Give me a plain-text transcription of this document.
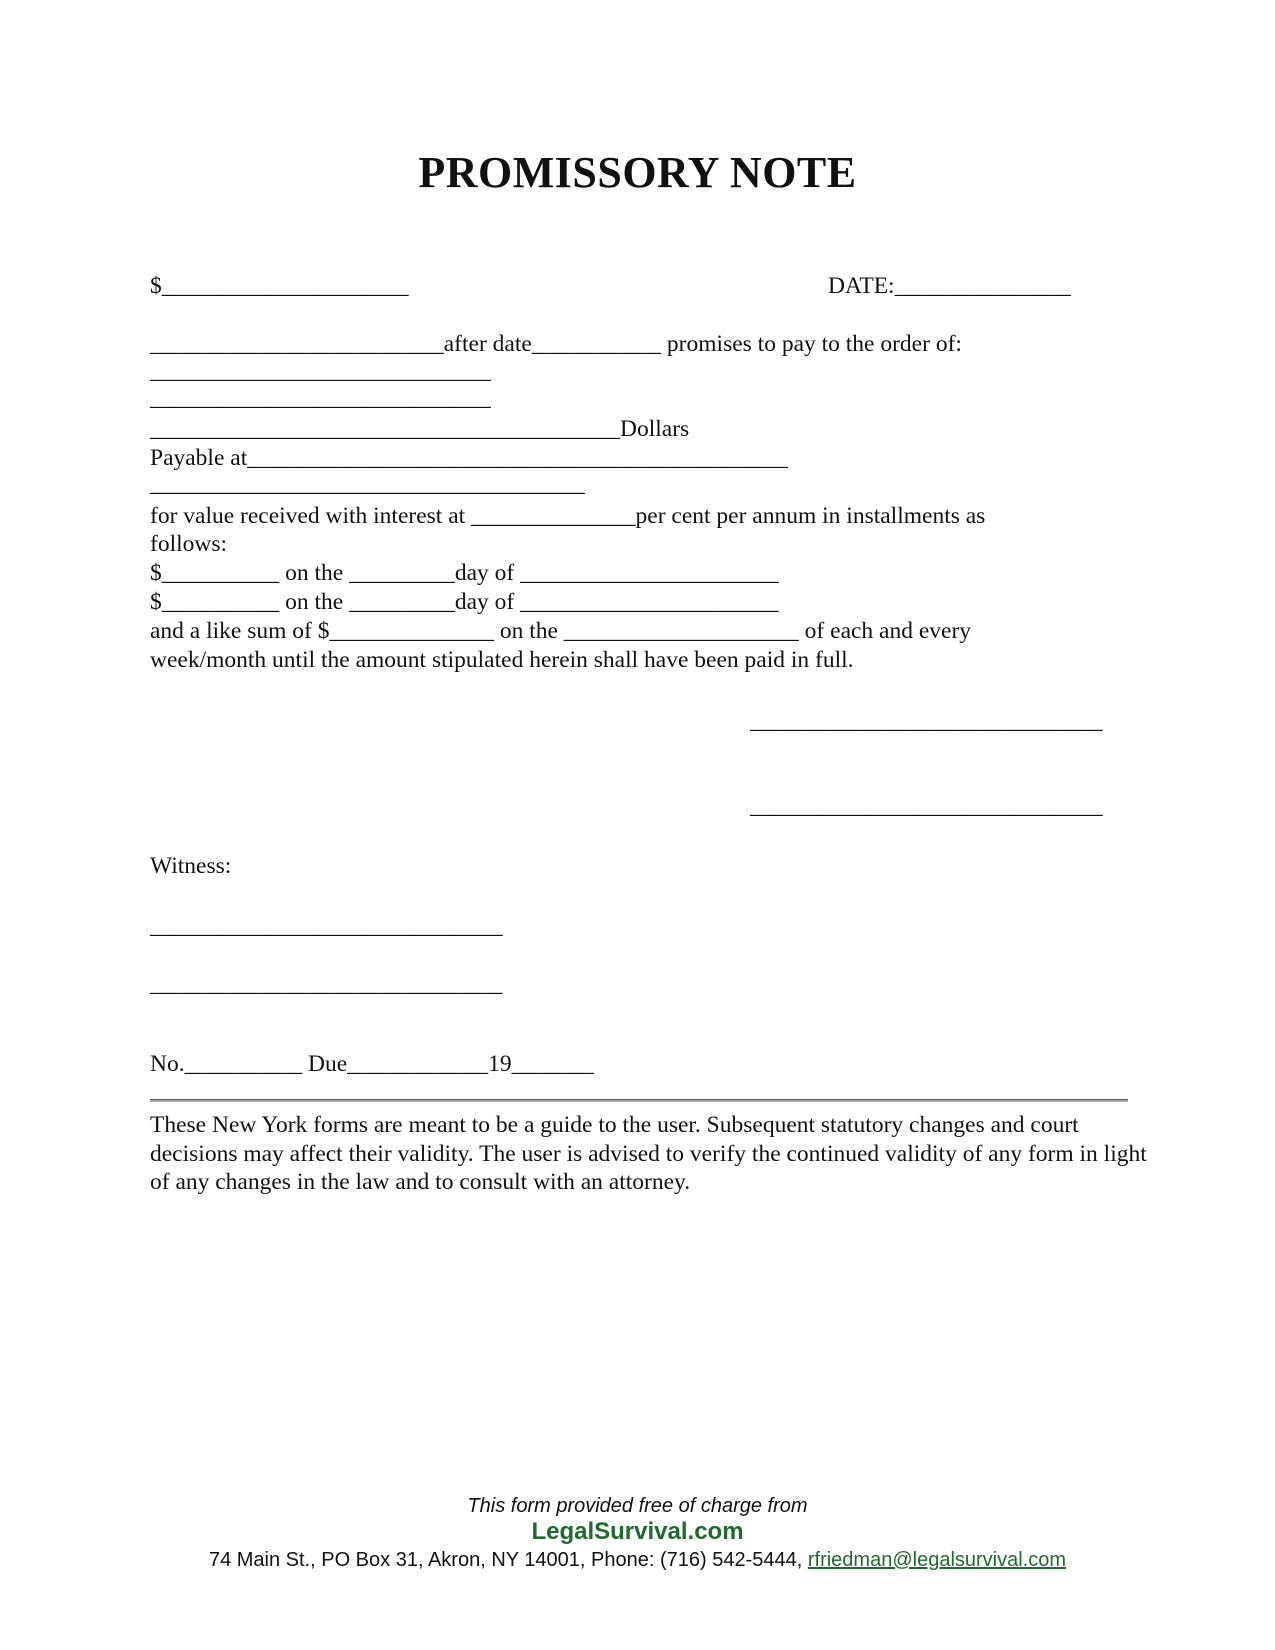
PROMISSORY NOTE
$_____________________	DATE:_______________
_________________________after date___________ promises to pay to the order of:
_____________________________
_____________________________
________________________________________Dollars
Payable at______________________________________________
_____________________________________
for value received with interest at ______________per cent per annum in installments as
follows:
$__________ on the _________day of ______________________
$__________ on the _________day of ______________________
and a like sum of $______________ on the ____________________ of each and every
week/month until the amount stipulated herein shall have been paid in full.
______________________________
______________________________
Witness:
______________________________
______________________________
No.__________ Due____________19_______
These New York forms are meant to be a guide to the user. Subsequent statutory changes and court decisions may affect their validity. The user is advised to verify the continued validity of any form in light of any changes in the law and to consult with an attorney.
This form provided free of charge from
LegalSurvival.com
74 Main St., PO Box 31, Akron, NY 14001, Phone: (716) 542-5444, rfriedman@legalsurvival.com
